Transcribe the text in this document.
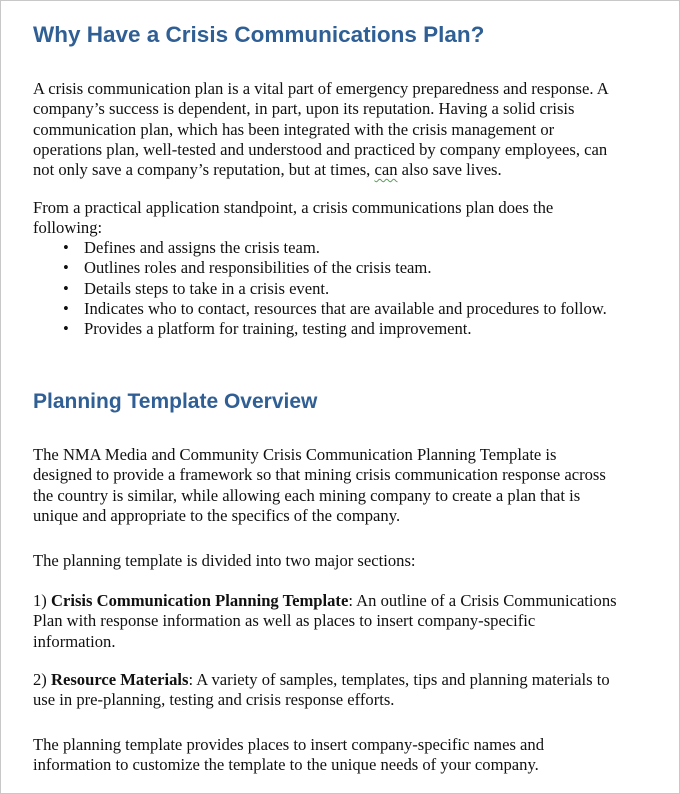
Why Have a Crisis Communications Plan?
A crisis communication plan is a vital part of emergency preparedness and response. A
company’s success is dependent, in part, upon its reputation. Having a solid crisis
communication plan, which has been integrated with the crisis management or
operations plan, well-tested and understood and practiced by company employees, can
not only save a company’s reputation, but at times, can also save lives.
From a practical application standpoint, a crisis communications plan does the
following:
• Defines and assigns the crisis team.
• Outlines roles and responsibilities of the crisis team.
• Details steps to take in a crisis event.
• Indicates who to contact, resources that are available and procedures to follow.
• Provides a platform for training, testing and improvement.
Planning Template Overview
The NMA Media and Community Crisis Communication Planning Template is
designed to provide a framework so that mining crisis communication response across
the country is similar, while allowing each mining company to create a plan that is
unique and appropriate to the specifics of the company.
The planning template is divided into two major sections:
1) Crisis Communication Planning Template: An outline of a Crisis Communications
Plan with response information as well as places to insert company-specific
information.
2) Resource Materials: A variety of samples, templates, tips and planning materials to
use in pre-planning, testing and crisis response efforts.
The planning template provides places to insert company-specific names and
information to customize the template to the unique needs of your company.
